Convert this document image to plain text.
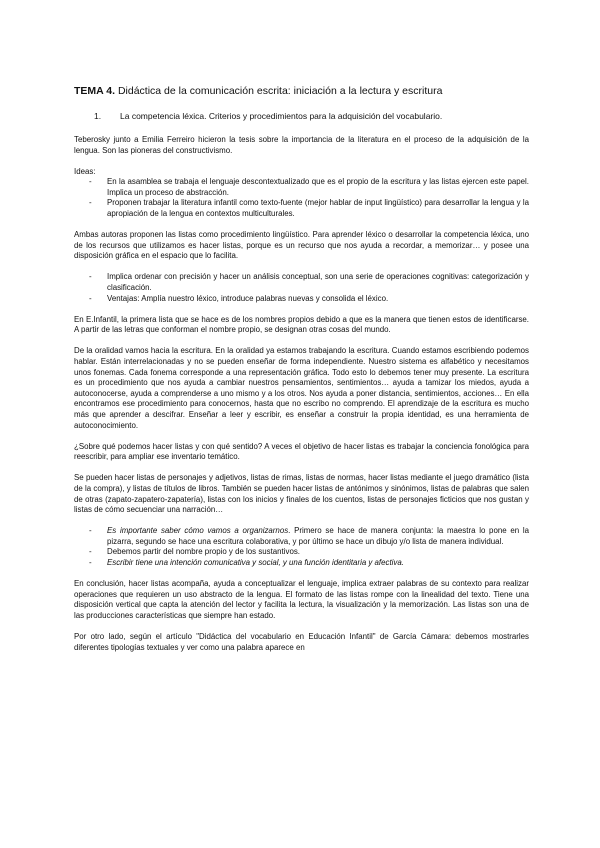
TEMA 4. Didáctica de la comunicación escrita: iniciación a la lectura y escritura
1.	La competencia léxica. Criterios y procedimientos para la adquisición del vocabulario.

Teberosky junto a Emilia Ferreiro hicieron la tesis sobre la importancia de la literatura en el proceso de la adquisición de la lengua. Son las pioneras del constructivismo.

Ideas:

- En la asamblea se trabaja el lenguaje descontextualizado que es el propio de la escritura y las listas ejercen este papel. Implica un proceso de abstracción.
- Proponen trabajar la literatura infantil como texto-fuente (mejor hablar de input lingüístico) para desarrollar la lengua y la apropiación de la lengua en contextos multiculturales.

Ambas autoras proponen las listas como procedimiento lingüístico. Para aprender léxico o desarrollar la competencia léxica, uno de los recursos que utilizamos es hacer listas, porque es un recurso que nos ayuda a recordar, a memorizar… y posee una disposición gráfica en el espacio que lo facilita.

- Implica ordenar con precisión y hacer un análisis conceptual, son una serie de operaciones cognitivas: categorización y clasificación.
- Ventajas: Amplía nuestro léxico, introduce palabras nuevas y consolida el léxico.

En E.Infantil, la primera lista que se hace es de los nombres propios debido a que es la manera que tienen estos de identificarse. A partir de las letras que conforman el nombre propio, se designan otras cosas del mundo.

De la oralidad vamos hacia la escritura. En la oralidad ya estamos trabajando la escritura. Cuando estamos escribiendo podemos hablar. Están interrelacionadas y no se pueden enseñar de forma independiente. Nuestro sistema es alfabético y necesitamos unos fonemas. Cada fonema corresponde a una representación gráfica. Todo esto lo debemos tener muy presente. La escritura es un procedimiento que nos ayuda a cambiar nuestros pensamientos, sentimientos… ayuda a tamizar los miedos, ayuda a autoconocerse, ayuda a comprenderse a uno mismo y a los otros. Nos ayuda a poner distancia, sentimientos, acciones… En ella encontramos ese procedimiento para conocernos, hasta que no escribo no comprendo. El aprendizaje de la escritura es mucho más que aprender a descifrar. Enseñar a leer y escribir, es enseñar a construir la propia identidad, es una herramienta de autoconocimiento.

¿Sobre qué podemos hacer listas y con qué sentido? A veces el objetivo de hacer listas es trabajar la conciencia fonológica para reescribir, para ampliar ese inventario temático.

Se pueden hacer listas de personajes y adjetivos, listas de rimas, listas de normas, hacer listas mediante el juego dramático (lista de la compra), y listas de títulos de libros. También se pueden hacer listas de antónimos y sinónimos, listas de palabras que salen de otras (zapato-zapatero-zapatería), listas con los inicios y finales de los cuentos, listas de personajes ficticios que nos gustan y listas de cómo secuenciar una narración…

- Es importante saber cómo vamos a organizarnos. Primero se hace de manera conjunta: la maestra lo pone en la pizarra, segundo se hace una escritura colaborativa, y por último se hace un dibujo y/o lista de manera individual.
- Debemos partir del nombre propio y de los sustantivos.
- Escribir tiene una intención comunicativa y social, y una función identitaria y afectiva.

En conclusión, hacer listas acompaña, ayuda a conceptualizar el lenguaje, implica extraer palabras de su contexto para realizar operaciones que requieren un uso abstracto de la lengua. El formato de las listas rompe con la linealidad del texto. Tiene una disposición vertical que capta la atención del lector y facilita la lectura, la visualización y la memorización. Las listas son una de las producciones características que siempre han estado.

Por otro lado, según el artículo "Didáctica del vocabulario en Educación Infantil" de García Cámara: debemos mostrarles diferentes tipologías textuales y ver como una palabra aparece en
